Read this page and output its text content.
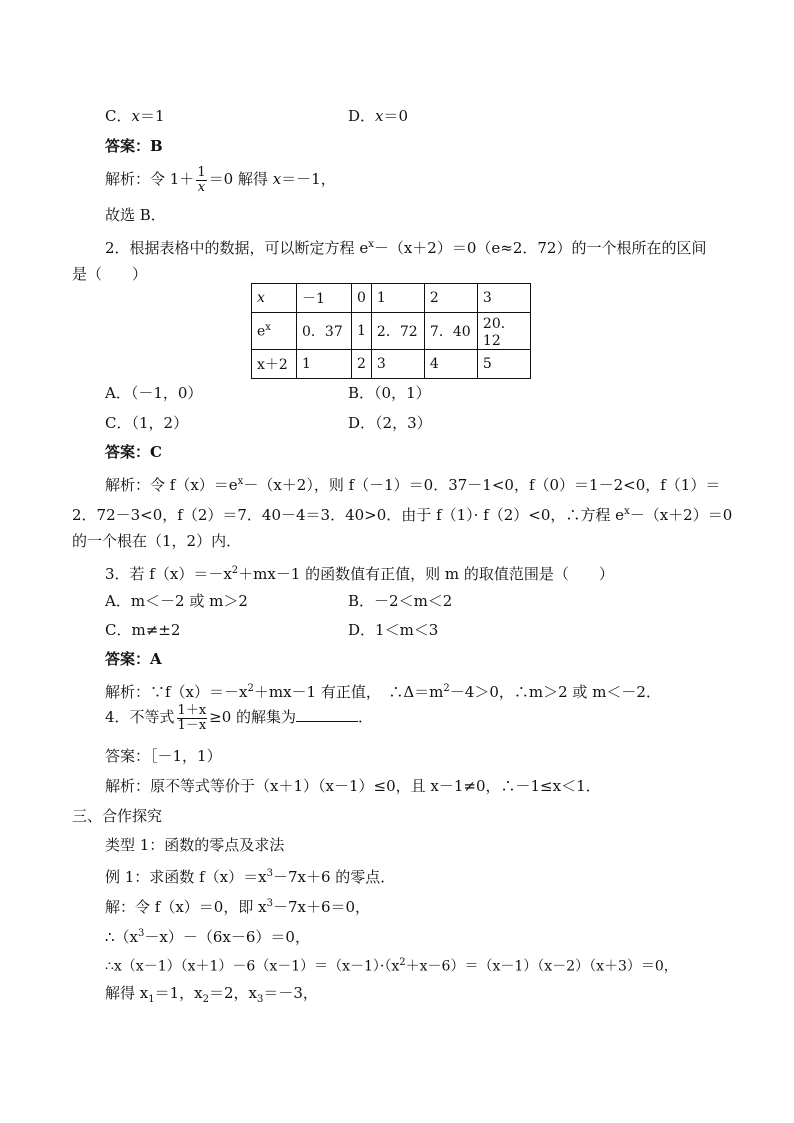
C．x＝1	D．x＝0
答案：B
解析：令 $1+ \frac{1}{x} =0$ 解得 x＝－1，
故选 B．
2．根据表格中的数据，可以断定方程 $e^x-(x+2)=0(e\approx 2$．72）的一个根所在的区间
是（　　）
x	－1	0	1	2	3
$e^x$	0．37	1	2．72	7．40	20．12
x＋2	1	2	3	4	5
A．（－1，0）	B．（0，1）
C．（1，2）	D．（2，3）
答案：C
解析：令 $f(x)=e^x-(x+2)$，则 f（－1）＝0．37－1<0，f（0）＝1－2<0，f（1）＝
2．72－3<0，f（2）＝7．40－4＝3．40>0．由于 f（1）· f（2）<0，∴方程 $e^x-(x+2)=0$
的一个根在（1，2）内．
3．若 $f(x)=-x^2+mx-1$ 的函数值有正值，则 m 的取值范围是（　　）
A．m＜－2 或 m＞2	B．－2＜m＜2
C．m≠±2	D．1＜m＜3
答案：A
解析：$\because f(x)=-x^2+mx-1$ 有正值，　$\therefore\Delta=m^2-4>0$，∴m＞2 或 m＜－2．
4．不等式 $\frac{1+x}{1-x} \ge 0$ 的解集为	．
答案：［－1，1）
解析：原不等式等价于（x＋1）（x－1）≤0，且 x－1≠0，∴－1≤x＜1．
三、合作探究
类型 1：函数的零点及求法
例 1：求函数 $f(x)=x^3-7x+6$ 的零点．
解：令 f（x）＝0，即 $x^3-7x+6=0$，
$\therefore(x^3-x)-(6x-6)=0$，
$\therefore x(x-1)(x+1)-6(x-1)=(x-1)\cdot(x^2+x-6)=(x-1)(x-2)(x+3)=0$，
解得 $x_1=1$，$x_2=2$，$x_3=-3$，
